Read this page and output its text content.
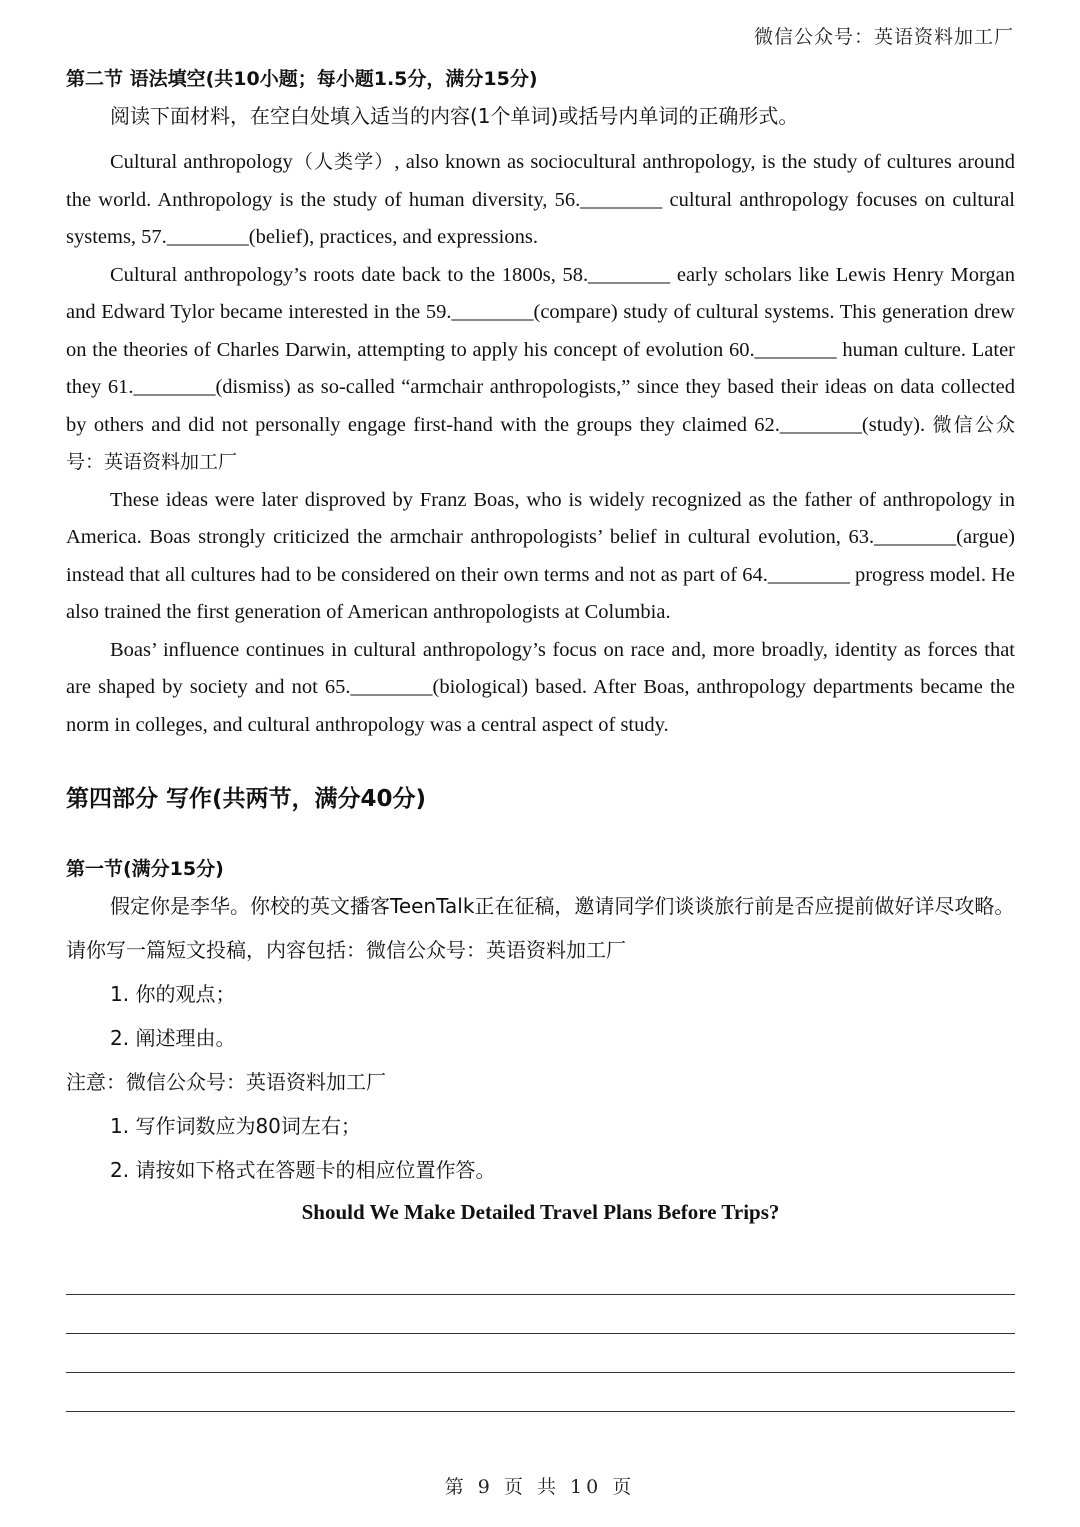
微信公众号：英语资料加工厂

第二节 语法填空(共10小题；每小题1.5分，满分15分)

阅读下面材料，在空白处填入适当的内容(1个单词)或括号内单词的正确形式。

Cultural anthropology（人类学）, also known as sociocultural anthropology, is the study of cultures around the world. Anthropology is the study of human diversity, 56.________ cultural anthropology focuses on cultural systems, 57.________(belief), practices, and expressions.

Cultural anthropology’s roots date back to the 1800s, 58.________ early scholars like Lewis Henry Morgan and Edward Tylor became interested in the 59.________(compare) study of cultural systems. This generation drew on the theories of Charles Darwin, attempting to apply his concept of evolution 60.________ human culture. Later they 61.________(dismiss) as so-called “armchair anthropologists,” since they based their ideas on data collected by others and did not personally engage first-hand with the groups they claimed 62.________(study). 微信公众号：英语资料加工厂

These ideas were later disproved by Franz Boas, who is widely recognized as the father of anthropology in America. Boas strongly criticized the armchair anthropologists’ belief in cultural evolution, 63.________(argue) instead that all cultures had to be considered on their own terms and not as part of 64.________ progress model. He also trained the first generation of American anthropologists at Columbia.

Boas’ influence continues in cultural anthropology’s focus on race and, more broadly, identity as forces that are shaped by society and not 65.________(biological) based. After Boas, anthropology departments became the norm in colleges, and cultural anthropology was a central aspect of study.

第四部分 写作(共两节，满分40分)

第一节(满分15分)

假定你是李华。你校的英文播客TeenTalk正在征稿，邀请同学们谈谈旅行前是否应提前做好详尽攻略。请你写一篇短文投稿，内容包括：微信公众号：英语资料加工厂

1. 你的观点；

2. 阐述理由。

注意：微信公众号：英语资料加工厂

1. 写作词数应为80词左右；

2. 请按如下格式在答题卡的相应位置作答。

Should We Make Detailed Travel Plans Before Trips?

第 9 页 共 10 页
